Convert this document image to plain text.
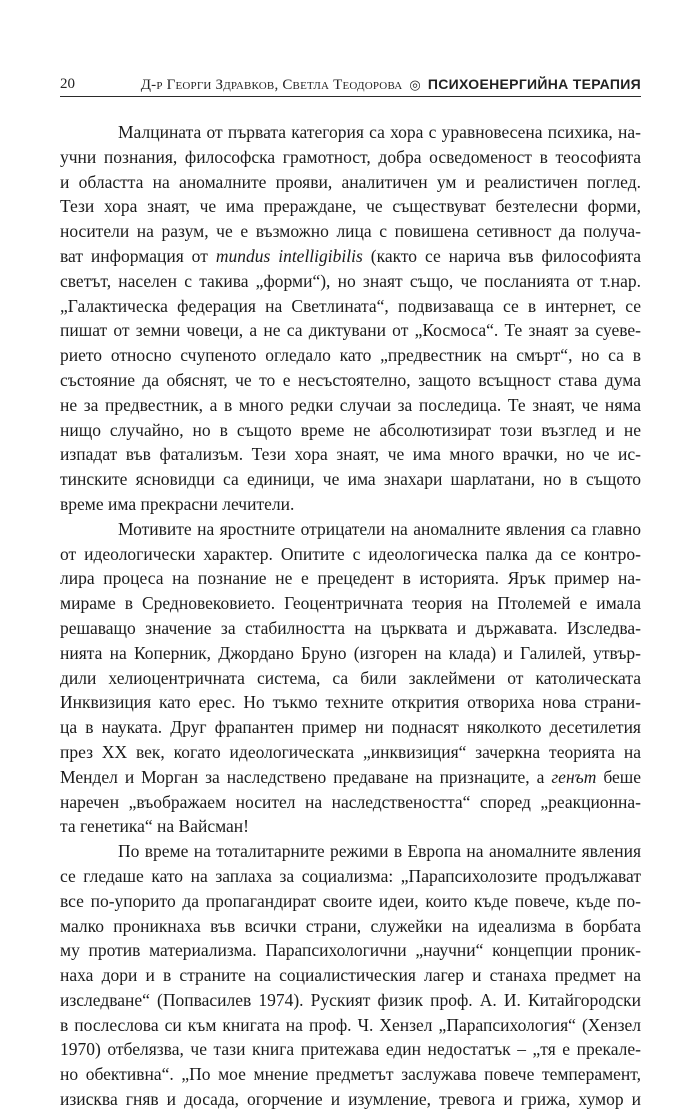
20	Д-р Георги Здравков, Светла Теодорова ◎ ПСИХОЕНЕРГИЙНА ТЕРАПИЯ
Малцината от първата категория са хора с уравновесена психика, на-
учни познания, философска грамотност, добра осведоменост в теософията
и областта на аномалните прояви, аналитичен ум и реалистичен поглед.
Тези хора знаят, че има прераждане, че съществуват безтелесни форми,
носители на разум, че е възможно лица с повишена сетивност да получа-
ват информация от mundus intelligibilis (както се нарича във философията
светът, населен с такива „форми“), но знаят също, че посланията от т.нар.
„Галактическа федерация на Светлината“, подвизаваща се в интернет, се
пишат от земни човеци, а не са диктувани от „Космоса“. Те знаят за суеве-
рието относно счупеното огледало като „предвестник на смърт“, но са в
състояние да обяснят, че то е несъстоятелно, защото всъщност става дума
не за предвестник, а в много редки случаи за последица. Те знаят, че няма
нищо случайно, но в същото време не абсолютизират този възглед и не
изпадат във фатализъм. Тези хора знаят, че има много врачки, но че ис-
тинските ясновидци са единици, че има знахари шарлатани, но в същото
време има прекрасни лечители.
Мотивите на яростните отрицатели на аномалните явления са главно
от идеологически характер. Опитите с идеологическа палка да се контро-
лира процеса на познание не е прецедент в историята. Ярък пример на-
мираме в Средновековието. Геоцентричната теория на Птолемей е имала
решаващо значение за стабилността на църквата и държавата. Изследва-
нията на Коперник, Джордано Бруно (изгорен на клада) и Галилей, утвър-
дили хелиоцентричната система, са били заклеймени от католическата
Инквизиция като ерес. Но тъкмо техните открития отвориха нова страни-
ца в науката. Друг фрапантен пример ни поднасят няколкото десетилетия
през XX век, когато идеологическата „инквизиция“ зачеркна теорията на
Мендел и Морган за наследствено предаване на признаците, а генът беше
наречен „въображаем носител на наследствеността“ според „реакционна-
та генетика“ на Вайсман!
По време на тоталитарните режими в Европа на аномалните явления
се гледаше като на заплаха за социализма: „Парапсихолозите продължават
все по-упорито да пропагандират своите идеи, които къде повече, къде по-
малко проникнаха във всички страни, служейки на идеализма в борбата
му против материализма. Парапсихологични „научни“ концепции проник-
наха дори и в страните на социалистическия лагер и станаха предмет на
изследване“ (Попвасилев 1974). Руският физик проф. А. И. Китайгородски
в послеслова си към книгата на проф. Ч. Хензел „Парапсихология“ (Хензел
1970) отбелязва, че тази книга притежава един недостатък – „тя е прекале-
но обективна“. „По мое мнение предметът заслужава повече темперамент,
изисква гняв и досада, огорчение и изумление, тревога и грижа, хумор и
